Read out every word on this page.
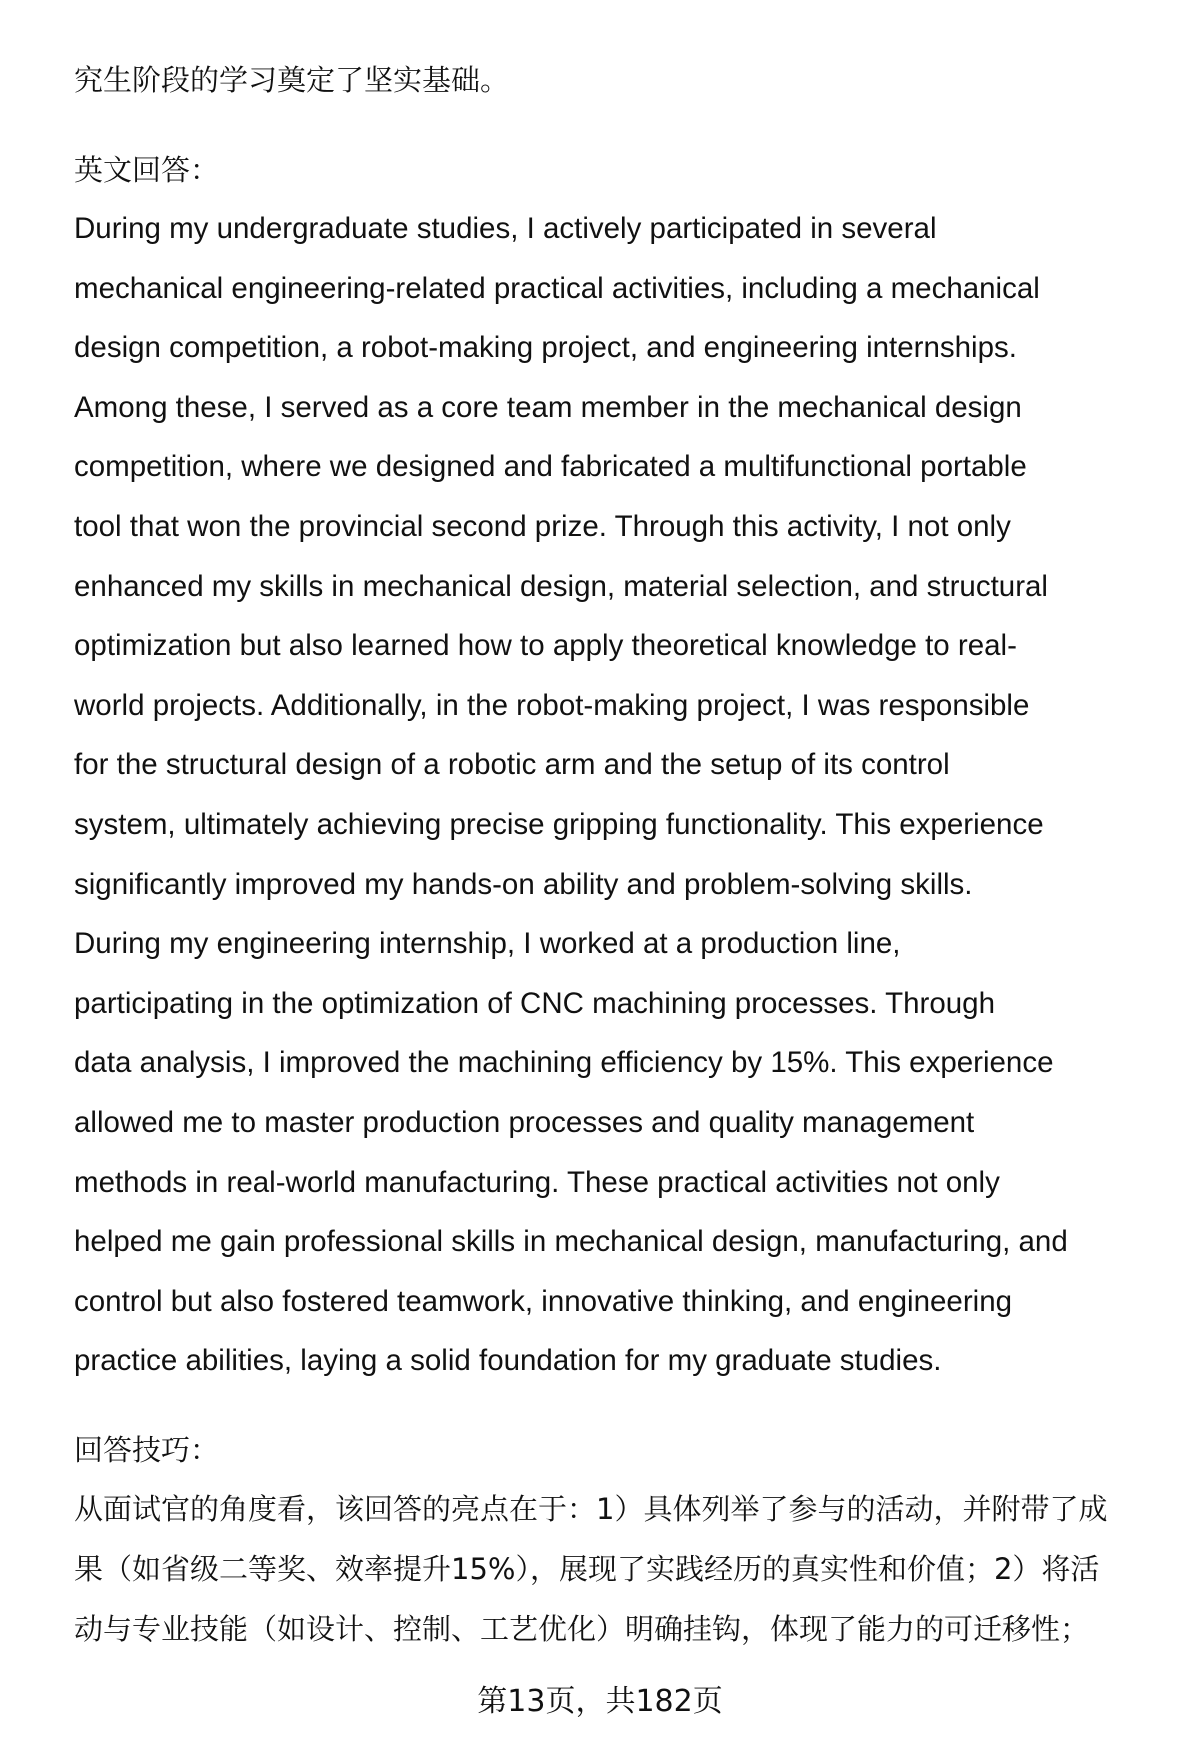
究生阶段的学习奠定了坚实基础。
英文回答：
During my undergraduate studies, I actively participated in several
mechanical engineering-related practical activities, including a mechanical
design competition, a robot-making project, and engineering internships.
Among these, I served as a core team member in the mechanical design
competition, where we designed and fabricated a multifunctional portable
tool that won the provincial second prize. Through this activity, I not only
enhanced my skills in mechanical design, material selection, and structural
optimization but also learned how to apply theoretical knowledge to real-
world projects. Additionally, in the robot-making project, I was responsible
for the structural design of a robotic arm and the setup of its control
system, ultimately achieving precise gripping functionality. This experience
significantly improved my hands-on ability and problem-solving skills.
During my engineering internship, I worked at a production line,
participating in the optimization of CNC machining processes. Through
data analysis, I improved the machining efficiency by 15%. This experience
allowed me to master production processes and quality management
methods in real-world manufacturing. These practical activities not only
helped me gain professional skills in mechanical design, manufacturing, and
control but also fostered teamwork, innovative thinking, and engineering
practice abilities, laying a solid foundation for my graduate studies.
回答技巧：
从面试官的角度看，该回答的亮点在于：1）具体列举了参与的活动，并附带了成
果（如省级二等奖、效率提升15%），展现了实践经历的真实性和价值；2）将活
动与专业技能（如设计、控制、工艺优化）明确挂钩，体现了能力的可迁移性；
第13页，共182页
